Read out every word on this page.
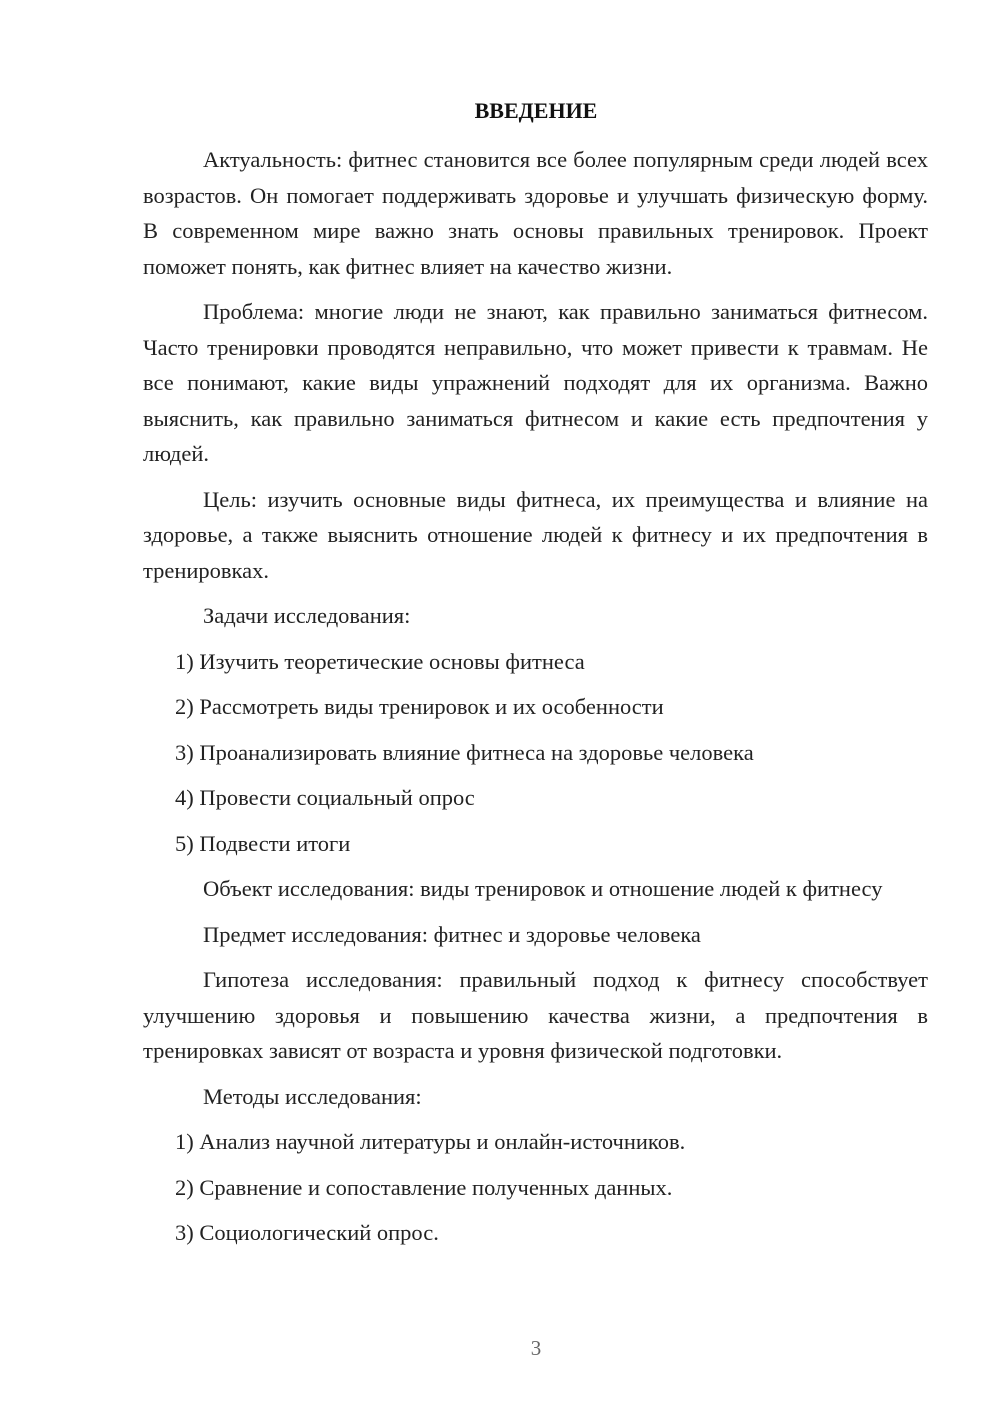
ВВЕДЕНИЕ

Актуальность: фитнес становится все более популярным среди людей всех возрастов. Он помогает поддерживать здоровье и улучшать физическую форму. В современном мире важно знать основы правильных тренировок. Проект поможет понять, как фитнес влияет на качество жизни.

Проблема: многие люди не знают, как правильно заниматься фитнесом. Часто тренировки проводятся неправильно, что может привести к травмам. Не все понимают, какие виды упражнений подходят для их организма. Важно выяснить, как правильно заниматься фитнесом и какие есть предпочтения у людей.

Цель: изучить основные виды фитнеса, их преимущества и влияние на здоровье, а также выяснить отношение людей к фитнесу и их предпочтения в тренировках.

Задачи исследования:

1) Изучить теоретические основы фитнеса

2) Рассмотреть виды тренировок и их особенности

3) Проанализировать влияние фитнеса на здоровье человека

4) Провести социальный опрос

5) Подвести итоги

Объект исследования: виды тренировок и отношение людей к фитнесу

Предмет исследования: фитнес и здоровье человека

Гипотеза исследования: правильный подход к фитнесу способствует улучшению здоровья и повышению качества жизни, а предпочтения в тренировках зависят от возраста и уровня физической подготовки.

Методы исследования:

1) Анализ научной литературы и онлайн-источников.

2) Сравнение и сопоставление полученных данных.

3) Социологический опрос.

3
